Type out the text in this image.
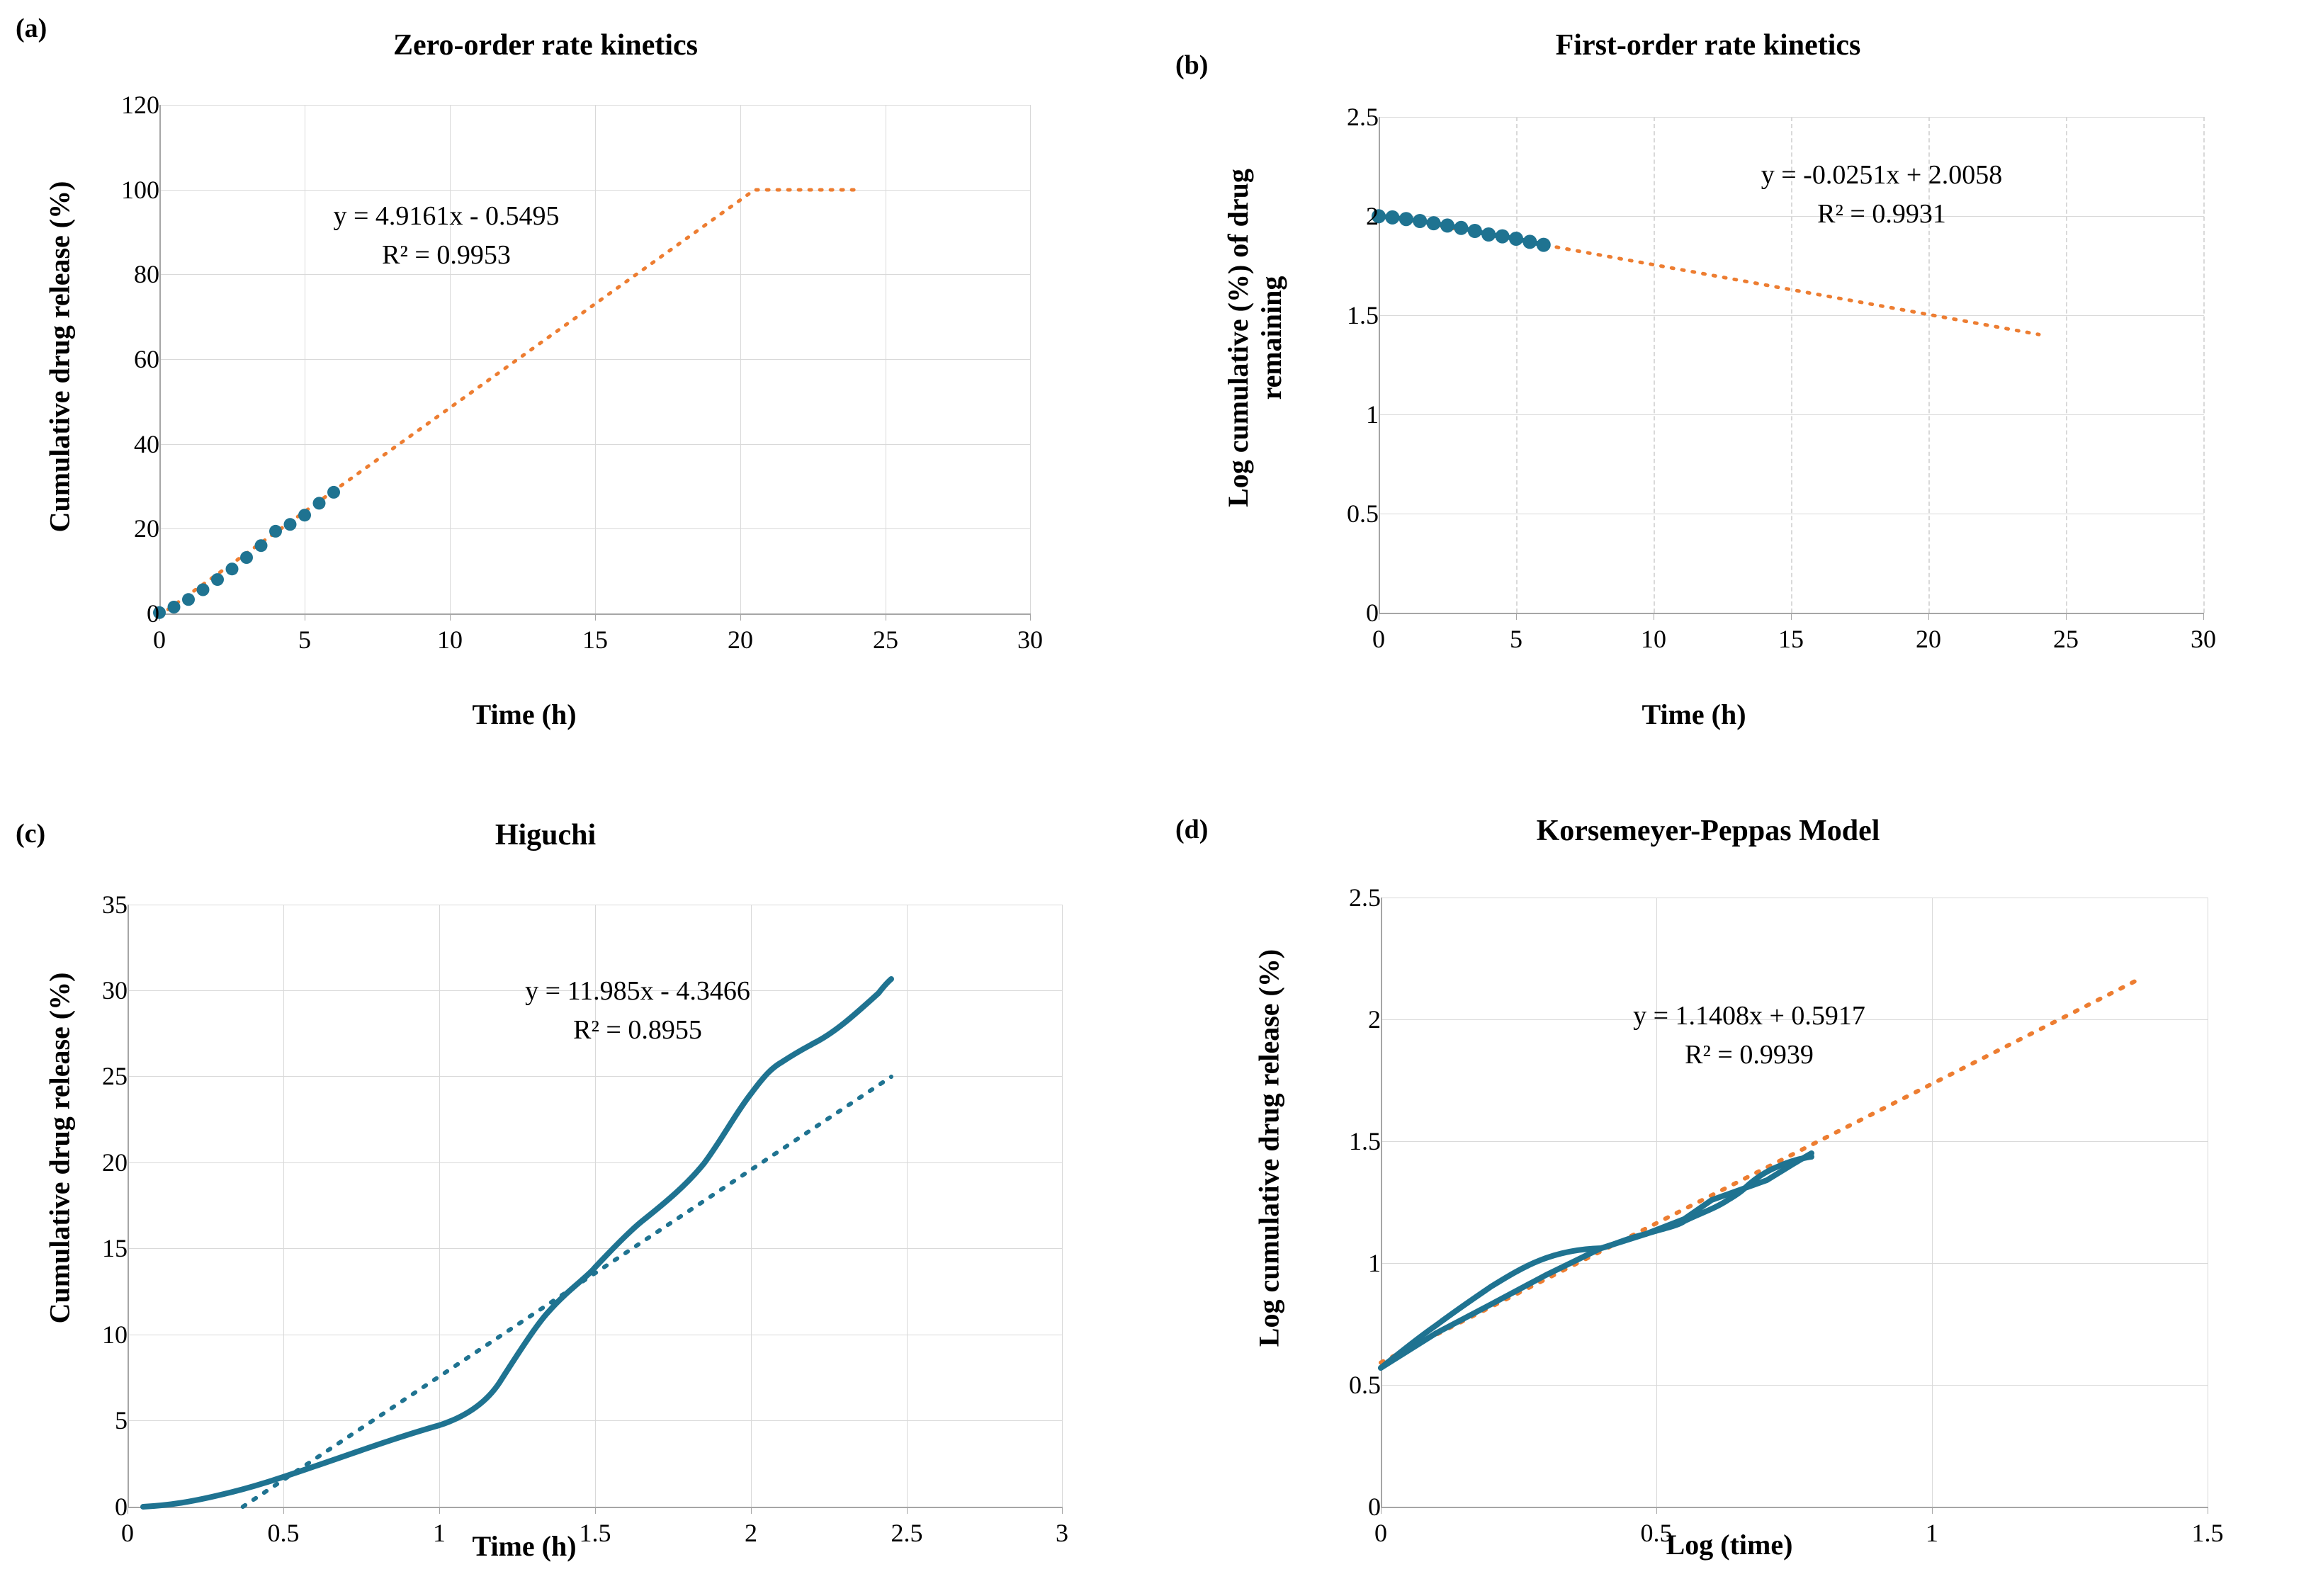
(a)
Zero-order rate kinetics
Cumulative drug release (%)
Time (h)
120
100
80
60
40
20
0
0	5	10	15	20	25	30
y = 4.9161x - 0.5495
R² = 0.9953
(b)
First-order rate kinetics
Log cumulative (%) of drug
remaining
Time (h)
2.5
2
1.5
1
0.5
0
0	5	10	15	20	25	30
y = -0.0251x + 2.0058
R² = 0.9931
(c)	Higuchi
Cumulative drug release (%)
Time (h)
35
30
25
20
15
10
5
0
0	0.5	1	1.5	2	2.5	3
y = 11.985x - 4.3466
R² = 0.8955
(d)	Korsemeyer-Peppas Model
Log cumulative drug release (%)
Log (time)
2.5
2
1.5
1
0.5
0
0	0.5	1	1.5
y = 1.1408x + 0.5917
R² = 0.9939
